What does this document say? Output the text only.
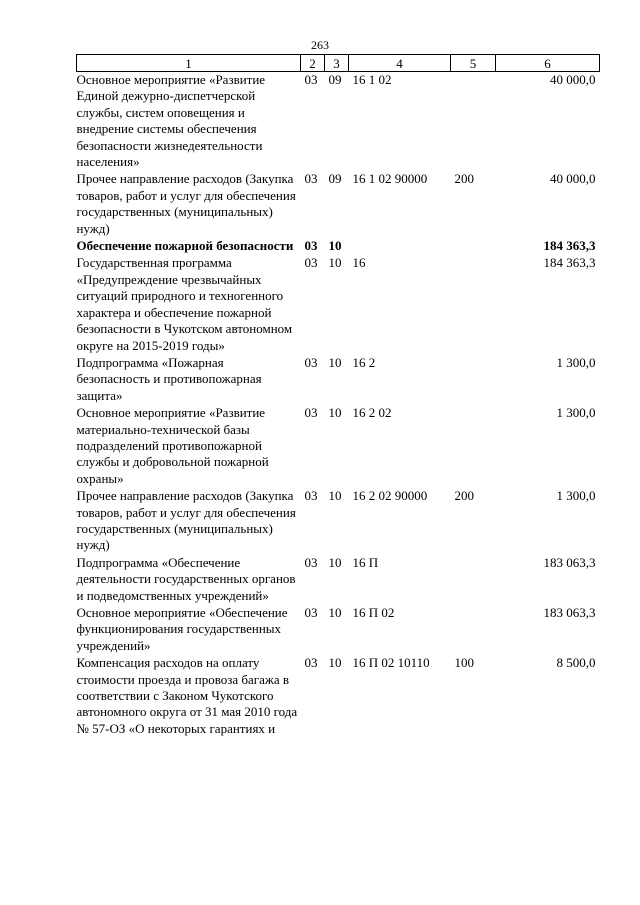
263
1	2	3	4	5	6
Основное мероприятие «Развитие Единой дежурно-диспетчерской службы, систем оповещения и внедрение системы обеспечения безопасности жизнедеятельности населения»	03	09	16 1 02		40 000,0
Прочее направление расходов (Закупка товаров, работ и услуг для обеспечения государственных (муниципальных) нужд)	03	09	16 1 02 90000	200	40 000,0
Обеспечение пожарной безопасности	03	10			184 363,3
Государственная программа «Предупреждение чрезвычайных ситуаций природного и техногенного характера и обеспечение пожарной безопасности в Чукотском автономном округе на 2015-2019 годы»	03	10	16		184 363,3
Подпрограмма «Пожарная безопасность и противопожарная защита»	03	10	16 2		1 300,0
Основное мероприятие «Развитие материально-технической базы подразделений противопожарной службы и добровольной пожарной охраны»	03	10	16 2 02		1 300,0
Прочее направление расходов (Закупка товаров, работ и услуг для обеспечения государственных (муниципальных) нужд)	03	10	16 2 02 90000	200	1 300,0
Подпрограмма «Обеспечение деятельности государственных органов и подведомственных учреждений»	03	10	16 П		183 063,3
Основное мероприятие «Обеспечение функционирования государственных учреждений»	03	10	16 П 02		183 063,3
Компенсация расходов на оплату стоимости проезда и провоза багажа в соответствии с Законом Чукотского автономного округа от 31 мая 2010 года № 57-ОЗ «О некоторых гарантиях и	03	10	16 П 02 10110	100	8 500,0
